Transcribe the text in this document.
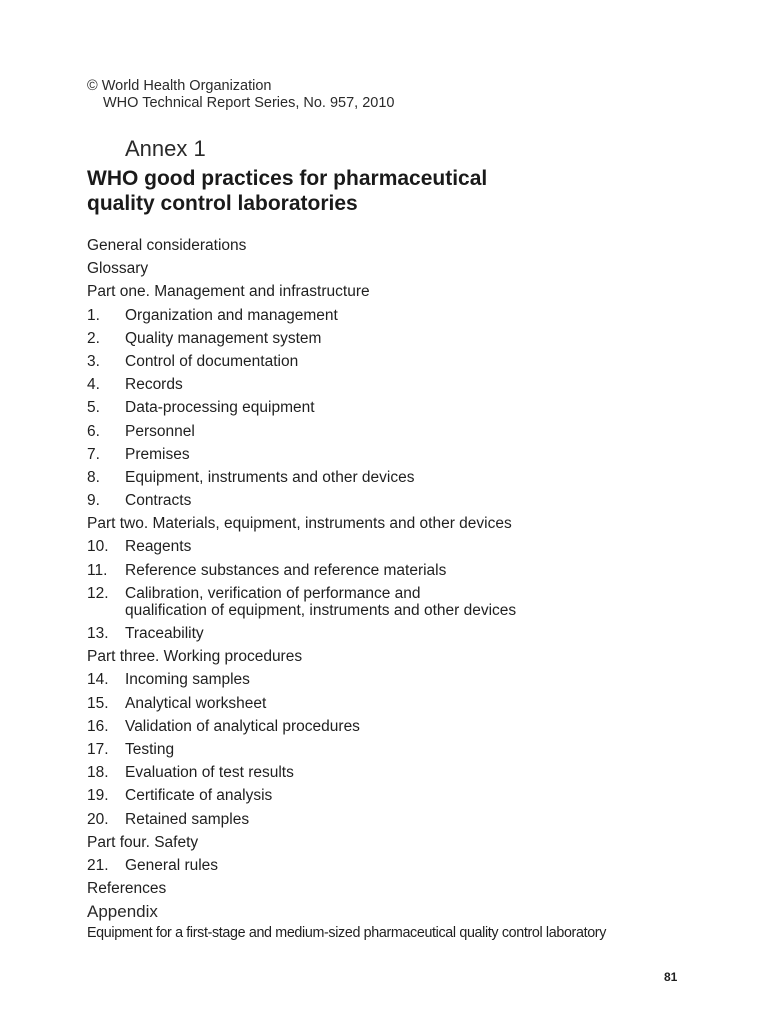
© World Health Organization
WHO Technical Report Series, No. 957, 2010
Annex 1
WHO good practices for pharmaceutical
quality control laboratories
General considerations
Glossary
Part one. Management and infrastructure
1.	Organization and management
2.	Quality management system
3.	Control of documentation
4.	Records
5.	Data-processing equipment
6.	Personnel
7.	Premises
8.	Equipment, instruments and other devices
9.	Contracts
Part two. Materials, equipment, instruments and other devices
10.	Reagents
11.	Reference substances and reference materials
12.	Calibration, verification of performance and
qualification of equipment, instruments and other devices
13.	Traceability
Part three. Working procedures
14.	Incoming samples
15.	Analytical worksheet
16.	Validation of analytical procedures
17.	Testing
18.	Evaluation of test results
19.	Certificate of analysis
20.	Retained samples
Part four. Safety
21.	General rules
References
Appendix
Equipment for a first-stage and medium-sized pharmaceutical quality control laboratory
81
